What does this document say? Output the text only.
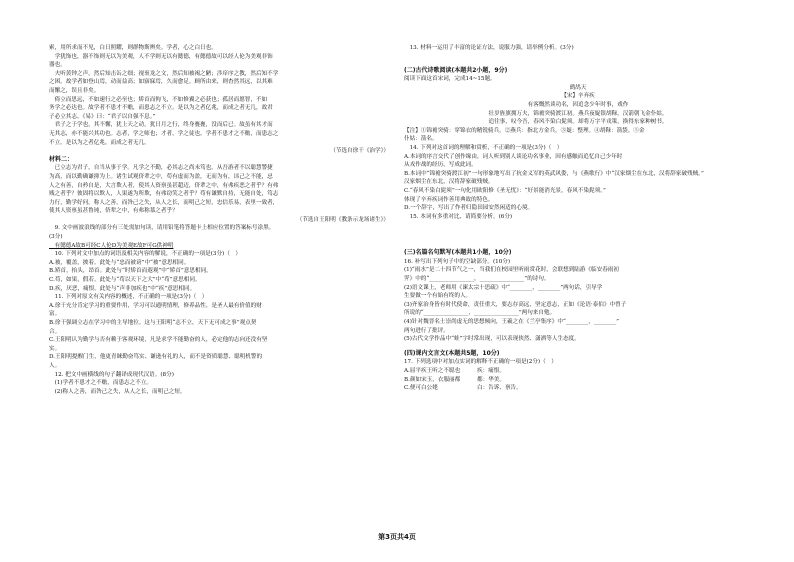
索，用所求而不见，白日照耀，则群物斯辨矣。学者，心之白日也。

　学犹饰也，器不饰则无以为美观，人不学则无以有懿德，有懿德故可以经人伦为美观非饰

器也。

　夫听黄钟之声，然后知击缶之细；视衮龙之文，然后知被褐之陋；涉庠序之教，然后知不学

之困。故学者如登山焉，动而益高；如寤寐焉，久而愈足。顾所由来，则杳然其远，以其难

而懈之，误且非矣。

　倚立而思远，不如速行之必至也；矫首而徇飞，不如修翼之必获也；孤居而愿智，不如

务学之必达也。故学者不患才不赡，而患志之不立。是以为之者亿兆，而成之者无几，故君

子必立其志。《易》曰：“君子以自强不息。”

　君子之于学也，其不懈，犹上天之动，犹日月之行，终身亹亹，没而后已。故虽有其才而

无其志，亦不能兴其功也。志者，学之师也；才者，学之徒也。学者不患才之不赡，而患志之

不立。是以为之者亿兆，而成之者无几。

（节选自徐干《治学》）

材料二：

　已立志为君子，自当从事于学。凡学之不勤，必其志之尚未笃也。从吾游者不以聪慧警捷

为高，而以勤确谦抑为上。诸生试观侪辈之中，苟有虚而为盈，无而为有，讳己之不能，忌

人之有善，自矜自是，大言欺人者，使其人资禀虽甚超迈，侪辈之中，有弗疾恶之者乎？有弗

贱之者乎？彼固将以欺人，人果遂为所欺，有弗窃笑之者乎？苟有谦默自持，无能自处，笃志

力行，勤学好问，称人之善，而咎己之失，从人之长，而明己之短，忠信乐易，表里一致者，

使其人资禀虽甚鲁钝，侪辈之中，有弗称慕之者乎？

（节选自王阳明《教条示龙场诸生》）

　9. 文中画波浪线的部分有三处需加句读，请用铅笔将答题卡上相应位置的答案标号涂黑。

(3分)

　有懿德A故B可经C人伦D为美观E故F可G供神明

　10. 下列对文中加点的词语及相关内容的解说，不正确的一项是(3分)（　）

A.被，覆盖，披着。此处与“忠而被谤”中“被”意思相同。

B.矫首，抬头，昂首。此处与“时矫首而遐观”中“矫首”意思相同。

C.苟，如果，假若。此处与“苟以天下之大”中“苟”意思相同。

D.疾，厌恶，痛恨。此处与“声非加疾也”中“疾”意思相同。

　11. 下列对原文有关内容的概述，不正确的一项是(3分)（　）

A.徐干充分肯定学习的重要作用，学习可以通明情理，修养品性，是圣人最有价值的财

富。

B.徐干强调立志在学习中的主导地位。这与王阳明“志不立，天下无可成之事”观点契

合。

C.王阳明认为勤学与否有赖于客观环境，凡是求学不能勤奋的人，必定他的志向还没有坚

实。

D.王阳明提醒门生，他更青睐勤奋笃实、谦逊有礼的人，而不是资质聪慧、聪明机警的

人。

　12. 把文中画横线的句子翻译成现代汉语。(8分)

　(1)学者不患才之不赡，而患志之不立。

　(2)称人之善，而咎己之失，从人之长，而明己之短。

　13. 材料一运用了丰富的论证方法，说服力强，请举例分析。(3分)

(二)古代诗歌阅读(本题共2小题，9分)

阅读下面这首宋词，完成14~15题。

鹧鸪天

【宋】辛弃疾

有客慨然谈功名，因追念少年时事，戏作

壮岁旌旗拥万夫，锦襜突骑渡江初。燕兵夜娖银胡䩮，汉箭朝飞金仆姑。

追往事，叹今吾，春风不染白髭须。却将万字平戎策，换得东家种树书。

【注】①锦襜突骑：穿锦衣的精锐骑兵。②燕兵：指北方金兵。③娖：整理。④胡䩮：箭袋。⑤金

仆姑：箭名。

　14. 下列对这首词的理解和赏析，不正确的一项是(3分)（　）

A.本词的序言交代了创作缘由，词人听到别人谈论功名事业，因有感触而追忆自己少年时

从戎作战的经历，写成此词。

B.本词中“锦襜突骑渡江初”一句形象地写出了抗金义军的英武风姿，与《燕歌行》中“汉家烟尘在东北，汉将辞家破残贼。”

汉家烟尘在东北，汉将辞家破残贼。

C.“春风不染白髭须”一句化用欧阳修《圣无忧》：“好景能消光景，春风不染髭须。”

体现了辛弃疾词作善用典故的特色。

D.一个辞字，写出了作者归隐田园安然闲适的心境。

　15. 本词有多重对比，请简要分析。(6分)

(三)名篇名句默写(本题共1小题，10分)

16. 补写出下列句子中的空缺部分。(10分)

(1)“雨水”是二十四节气之一，当我们在校园里听雨赏花时，会联想到陆游《临安春雨初

霁》中的“________________，________________”的诗句。

(2)语文课上，老师用《谏太宗十思疏》中“________，________”两句话，引导学

生要做一个有始有终的人。

(3)齐家治身皆有时代使命，责任重大，要志存高远，坚定意志，正如《论语·泰伯》中曾子

所说的“________________，________________”两句来自勉。

(4)针对魏晋名士崇尚虚无的思想倾向，王羲之在《兰亭集序》中“________，________”

两句进行了批评。

(5)古代文学作品中“蛙”字时常出现，可以表现侠然、潇洒等人生态度。

(四)课内文言文(本题共5题，10分)

17. 下列选项中对加点实词的解释不正确的一项是(2分)（　）

A.屈平疾王听之不聪也　　　疾：痛恨。

B.颜如宋玉，衣服丽都　　　都：华美。

C.便可白公姥　　　　　　　白：告诉、禀告。

第3页共4页
